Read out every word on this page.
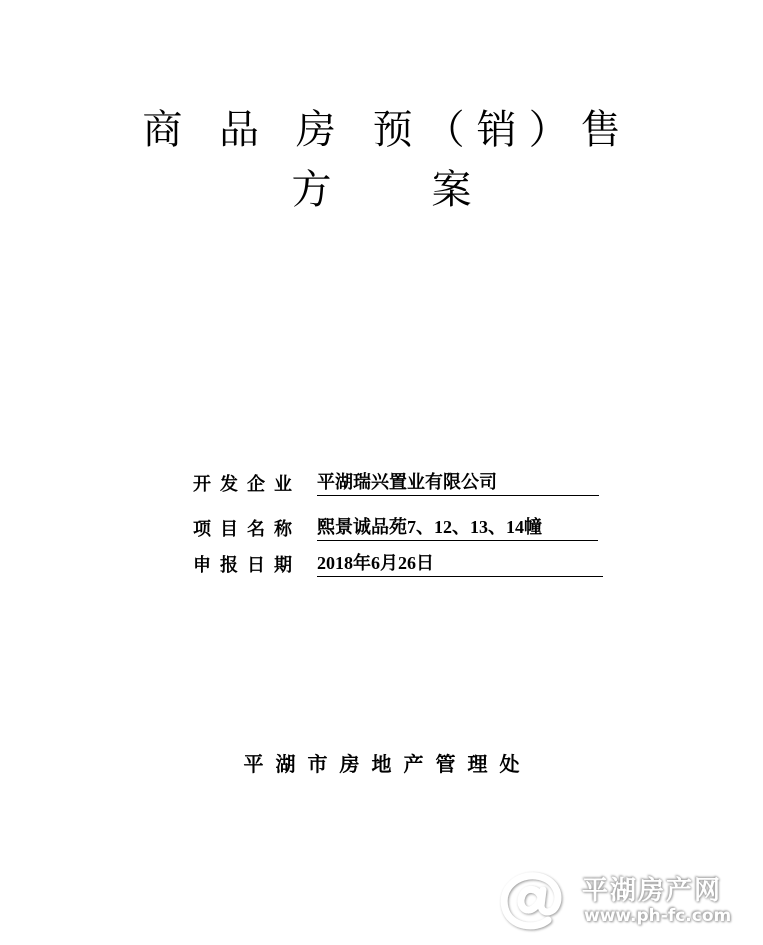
商 品 房 预（销）售
方	案
开发企业 平湖瑞兴置业有限公司
项目名称 熙景诚品苑7、12、13、14幢
申报日期 2018年6月26日
平湖市房地产管理处
平湖房产网
www.ph-fc.com
